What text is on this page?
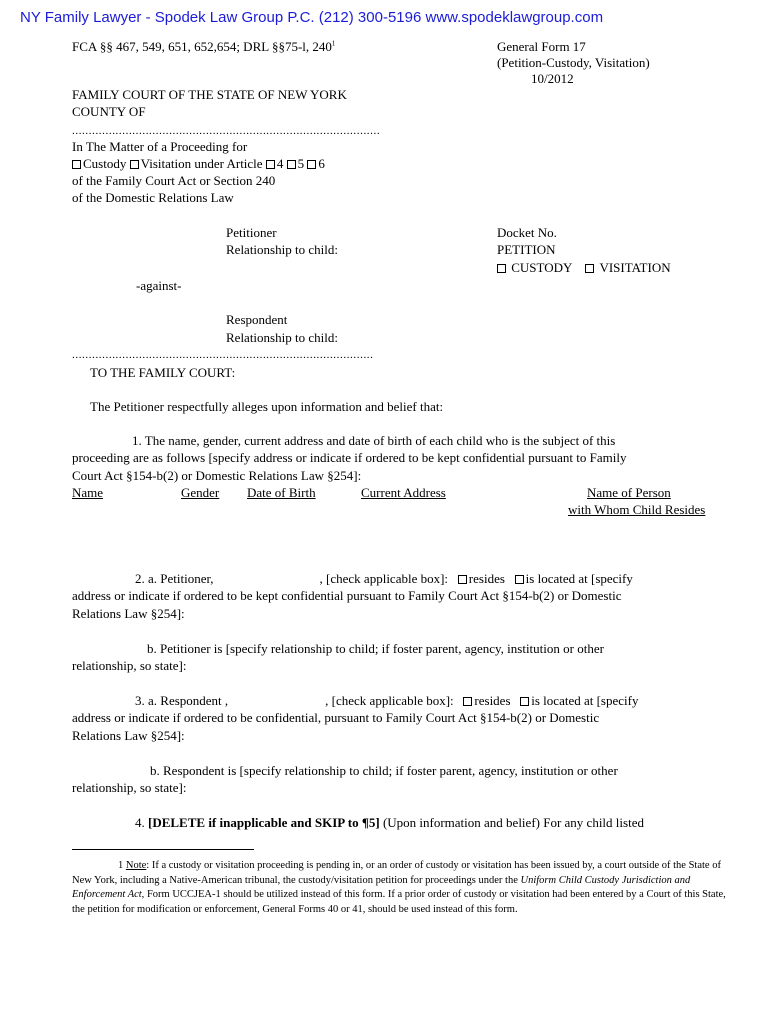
NY Family Lawyer - Spodek Law Group P.C. (212) 300-5196 www.spodeklawgroup.com
FCA §§ 467, 549, 651, 652,654; DRL §§75-l, $240^1$	General Form 17
(Petition-Custody, Visitation)
10/2012
FAMILY COURT OF THE STATE OF NEW YORK
COUNTY OF
............................................................................................
In The Matter of a Proceeding for
Custody Visitation under Article 4 5 6
of the Family Court Act or Section 240
of the Domestic Relations Law
Petitioner
Relationship to child:
Docket No.
PETITION
CUSTODY VISITATION
-against-
Respondent
Relationship to child:
..........................................................................................
TO THE FAMILY COURT:
The Petitioner respectfully alleges upon information and belief that:
1. The name, gender, current address and date of birth of each child who is the subject of this
proceeding are as follows [specify address or indicate if ordered to be kept confidential pursuant to Family
Court Act §154-b(2) or Domestic Relations Law §254]:
Name	Gender Date of Birth	Current Address	Name of Person
with Whom Child Resides
2. a. Petitioner,	, [check applicable box]: resides is located at [specify
address or indicate if ordered to be kept confidential pursuant to Family Court Act §154-b(2) or Domestic
Relations Law §254]:
b. Petitioner is [specify relationship to child; if foster parent, agency, institution or other
relationship, so state]:
3. a. Respondent ,	, [check applicable box]: resides is located at [specify
address or indicate if ordered to be confidential, pursuant to Family Court Act §154-b(2) or Domestic
Relations Law §254]:
b. Respondent is [specify relationship to child; if foster parent, agency, institution or other
relationship, so state]:
4. [DELETE if inapplicable and SKIP to ¶5] (Upon information and belief) For any child listed
1 Note: If a custody or visitation proceeding is pending in, or an order of custody or visitation has been issued by, a court outside of the State of New York, including a Native-American tribunal, the custody/visitation petition for proceedings under the Uniform Child Custody Jurisdiction and Enforcement Act, Form UCCJEA-1 should be utilized instead of this form. If a prior order of custody or visitation had been entered by a Court of this State, the petition for modification or enforcement, General Forms 40 or 41, should be used instead of this form.
